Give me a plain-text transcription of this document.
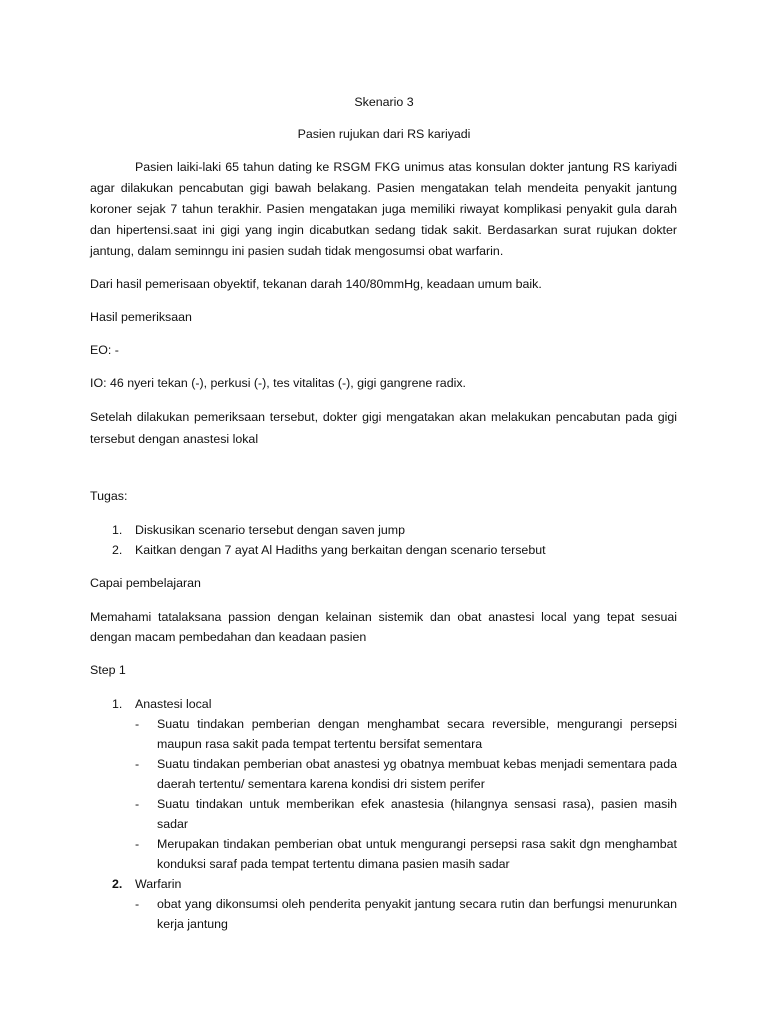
Skenario 3

Pasien rujukan dari RS kariyadi

Pasien laiki-laki 65 tahun dating ke RSGM FKG unimus atas konsulan dokter jantung RS kariyadi agar dilakukan pencabutan gigi bawah belakang. Pasien mengatakan telah mendeita penyakit jantung koroner sejak 7 tahun terakhir. Pasien mengatakan juga memiliki riwayat komplikasi penyakit gula darah dan hipertensi.saat ini gigi yang ingin dicabutkan sedang tidak sakit. Berdasarkan surat rujukan dokter jantung, dalam seminngu ini pasien sudah tidak mengosumsi obat warfarin.

Dari hasil pemerisaan obyektif, tekanan darah 140/80mmHg, keadaan umum baik.

Hasil pemeriksaan

EO: -

IO: 46 nyeri tekan (-), perkusi (-), tes vitalitas (-), gigi gangrene radix.

Setelah dilakukan pemeriksaan tersebut, dokter gigi mengatakan akan melakukan pencabutan pada gigi tersebut dengan anastesi lokal

Tugas:

1. Diskusikan scenario tersebut dengan saven jump
2. Kaitkan dengan 7 ayat Al Hadiths yang berkaitan dengan scenario tersebut

Capai pembelajaran

Memahami tatalaksana passion dengan kelainan sistemik dan obat anastesi local yang tepat sesuai dengan macam pembedahan dan keadaan pasien

Step 1

1. Anastesi local
- Suatu tindakan pemberian dengan menghambat secara reversible, mengurangi persepsi maupun rasa sakit pada tempat tertentu bersifat sementara
- Suatu tindakan pemberian obat anastesi yg obatnya membuat kebas menjadi sementara pada daerah tertentu/ sementara karena kondisi dri sistem perifer
- Suatu tindakan untuk memberikan efek anastesia (hilangnya sensasi rasa), pasien masih sadar
- Merupakan tindakan pemberian obat untuk mengurangi persepsi rasa sakit dgn menghambat konduksi saraf pada tempat tertentu dimana pasien masih sadar
2. Warfarin
- obat yang dikonsumsi oleh penderita penyakit jantung secara rutin dan berfungsi menurunkan kerja jantung
